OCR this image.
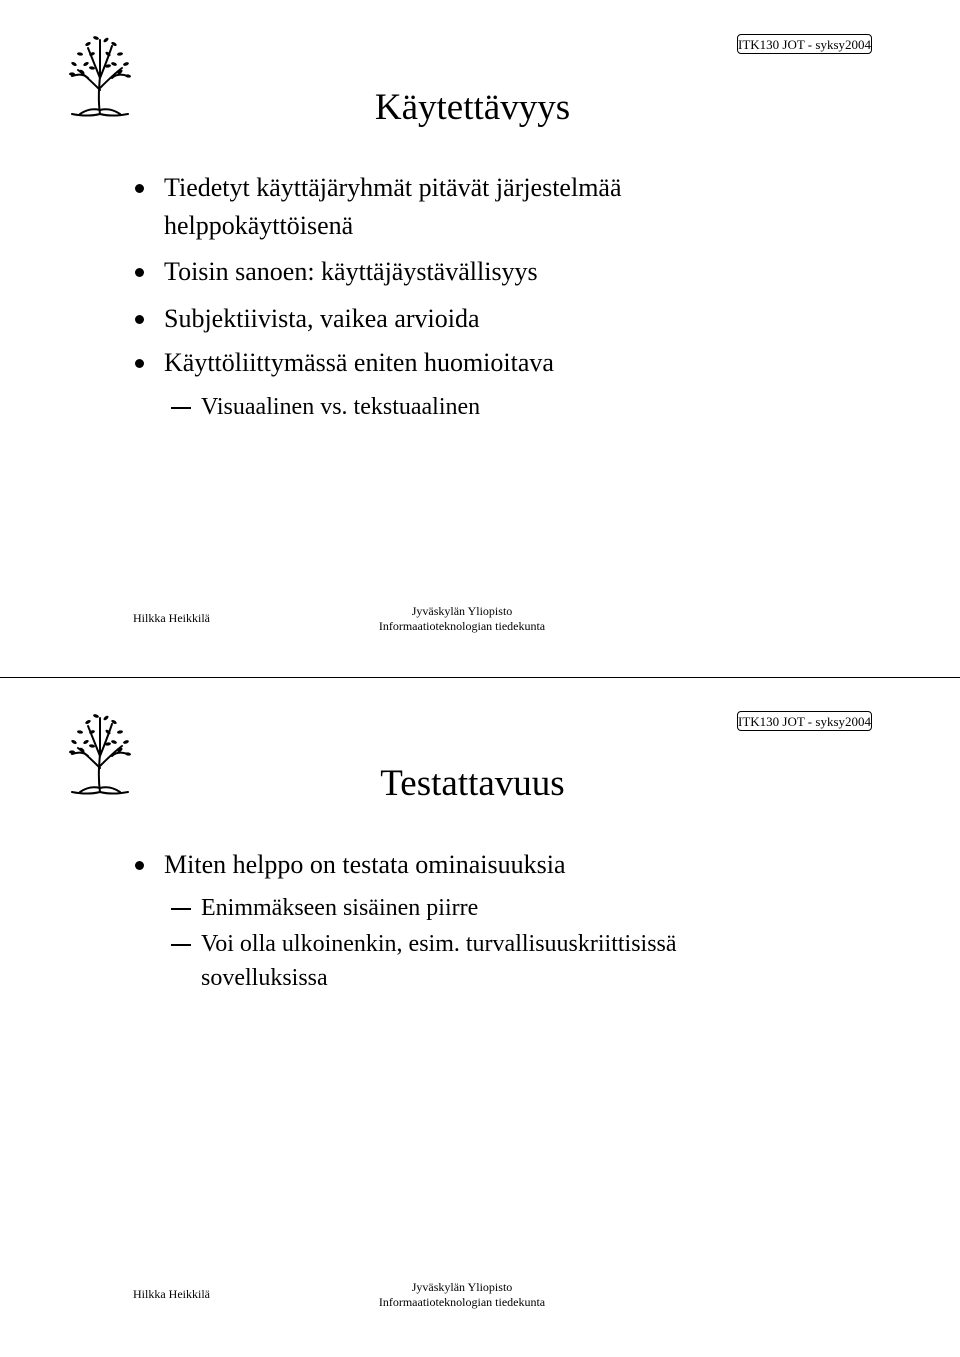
ITK130 JOT - syksy2004
Käytettävyys
Tiedetyt käyttäjäryhmät pitävät järjestelmää
helppokäyttöisenä
Toisin sanoen: käyttäjäystävällisyys
Subjektiivista, vaikea arvioida
Käyttöliittymässä eniten huomioitava
Visuaalinen vs. tekstuaalinen
Hilkka Heikkilä	Jyväskylän Yliopisto
Informaatioteknologian tiedekunta
ITK130 JOT - syksy2004
Testattavuus
Miten helppo on testata ominaisuuksia
Enimmäkseen sisäinen piirre
Voi olla ulkoinenkin, esim. turvallisuuskriittisissä
sovelluksissa
Hilkka Heikkilä	Jyväskylän Yliopisto
Informaatioteknologian tiedekunta
